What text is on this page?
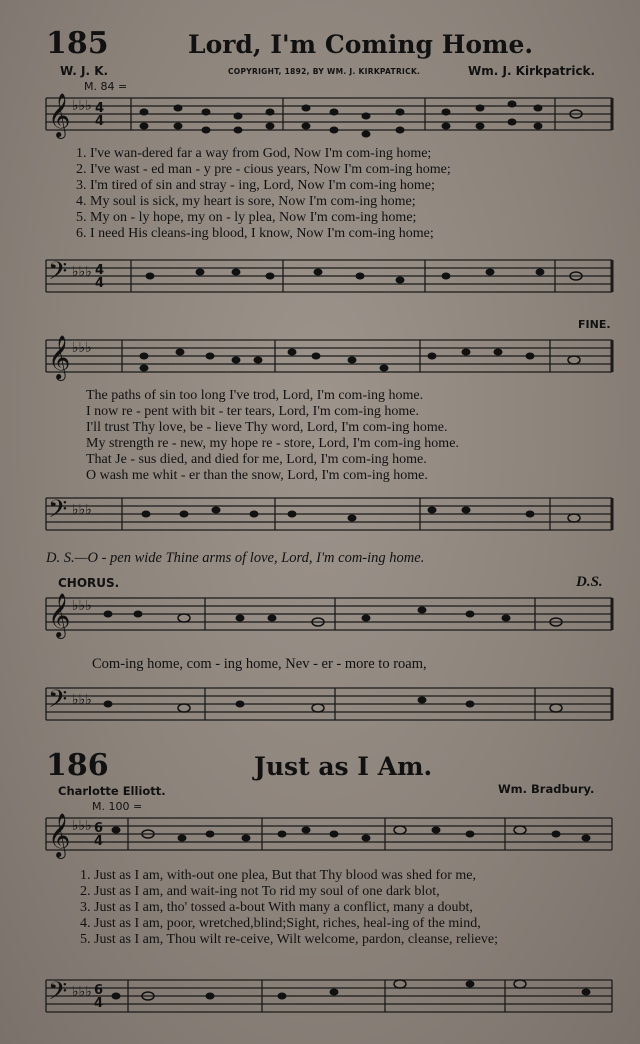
𝄞 ♭♭♭ 4
4
𝄢 ♭♭♭ 4
4
𝄞 ♭♭♭
𝄢 ♭♭♭
𝄞 ♭♭♭
𝄢 ♭♭♭
𝄞 ♭♭♭ 6
4
𝄢 ♭♭♭ 6
4
185	Lord, I'm Coming Home.
W. J. K.	COPYRIGHT, 1892, BY WM. J. KIRKPATRICK.	Wm. J. Kirkpatrick.
M. 84 =
1. I've wan-dered far a way from God, Now I'm com-ing home;
2. I've wast - ed man - y pre - cious years, Now I'm com-ing home;
3. I'm tired of sin and stray - ing, Lord, Now I'm com-ing home;
4. My soul is sick, my heart is sore, Now I'm com-ing home;
5. My on - ly hope, my on - ly plea, Now I'm com-ing home;
6. I need His cleans-ing blood, I know, Now I'm com-ing home;
FINE.
The paths of sin too long I've trod, Lord, I'm com-ing home.
I now re - pent with bit - ter tears, Lord, I'm com-ing home.
I'll trust Thy love, be - lieve Thy word, Lord, I'm com-ing home.
My strength re - new, my hope re - store, Lord, I'm com-ing home.
That Je - sus died, and died for me, Lord, I'm com-ing home.
O wash me whit - er than the snow, Lord, I'm com-ing home.
D. S.—O - pen wide Thine arms of love, Lord, I'm com-ing home.
CHORUS.	D.S.
Com-ing home, com - ing home, Nev - er - more to roam,
186	Just as I Am.
Charlotte Elliott.	Wm. Bradbury.
M. 100 =
1. Just as I am, with-out one plea, But that Thy blood was shed for me,
2. Just as I am, and wait-ing not To rid my soul of one dark blot,
3. Just as I am, tho' tossed a-bout With many a conflict, many a doubt,
4. Just as I am, poor, wretched,blind;Sight, riches, heal-ing of the mind,
5. Just as I am, Thou wilt re-ceive, Wilt welcome, pardon, cleanse, relieve;
